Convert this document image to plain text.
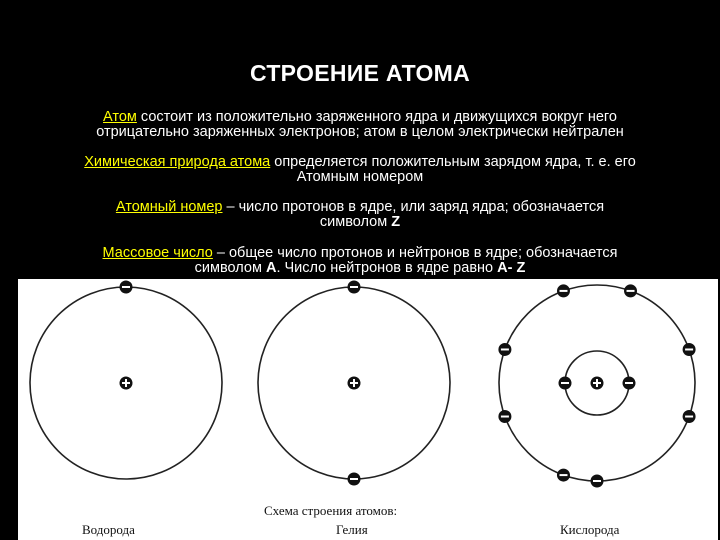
СТРОЕНИЕ АТОМА
Атом состоит из положительно заряженного ядра и движущихся вокруг него
отрицательно заряженных электронов; атом в целом электрически нейтрален
Химическая природа атома определяется положительным зарядом ядра, т. е. его
Атомным номером
Атомный номер – число протонов в ядре, или заряд ядра; обозначается
символом Z
Массовое число – общее число протонов и нейтронов в ядре; обозначается
символом A. Число нейтронов в ядре равно A- Z
Схема строения атомов:
Водорода	Гелия	Кислорода
